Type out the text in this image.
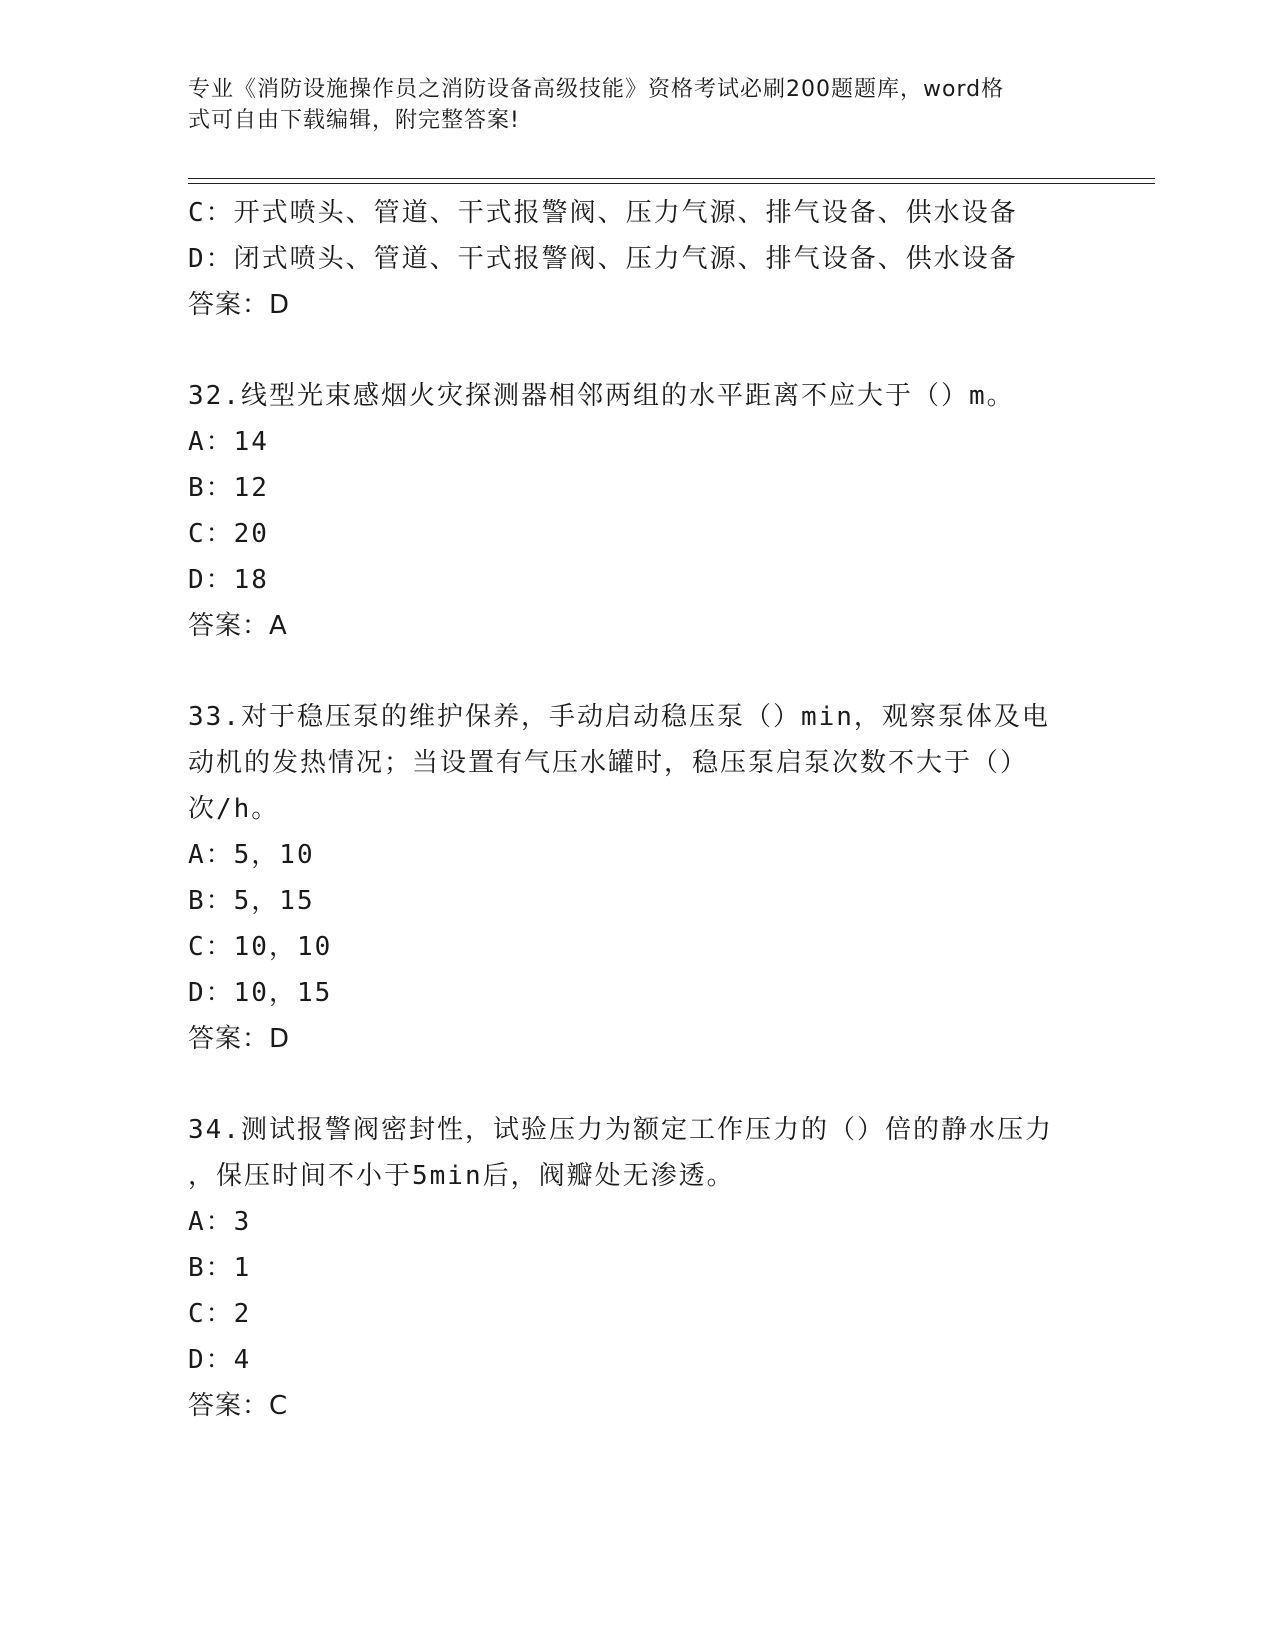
专业《消防设施操作员之消防设备高级技能》资格考试必刷200题题库，word格
式可自由下载编辑，附完整答案!
C：开式喷头、管道、干式报警阀、压力气源、排气设备、供水设备
D：闭式喷头、管道、干式报警阀、压力气源、排气设备、供水设备
答案：D
32.线型光束感烟火灾探测器相邻两组的水平距离不应大于（）m。
A：14
B：12
C：20
D：18
答案：A
33.对于稳压泵的维护保养，手动启动稳压泵（）min，观察泵体及电
动机的发热情况；当设置有气压水罐时，稳压泵启泵次数不大于（）
次/h。
A：5，10
B：5，15
C：10，10
D：10，15
答案：D
34.测试报警阀密封性，试验压力为额定工作压力的（）倍的静水压力
，保压时间不小于5min后，阀瓣处无渗透。
A：3
B：1
C：2
D：4
答案：C
